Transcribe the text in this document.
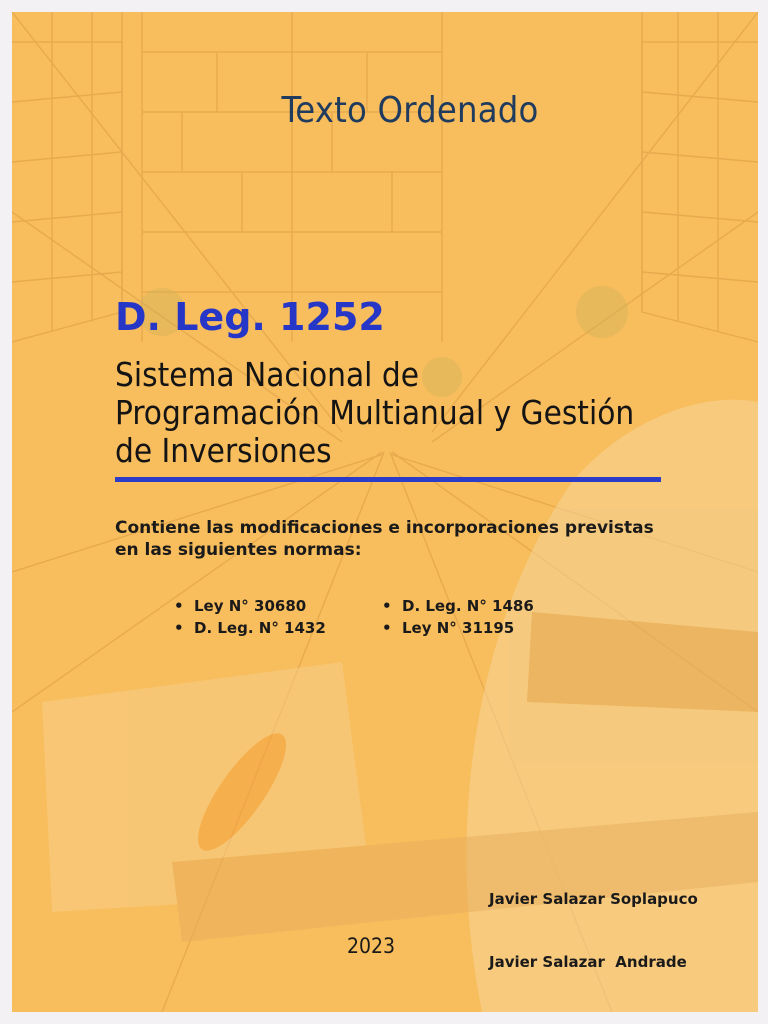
Texto Ordenado
D. Leg. 1252
Sistema Nacional de
Programación Multianual y Gestión
de Inversiones
Contiene las modificaciones e incorporaciones previstas en las siguientes normas:
• Ley N° 30680
• D. Leg. N° 1432
• D. Leg. N° 1486
• Ley N° 31195

Javier Salazar Soplapuco

Javier Salazar  Andrade

2023
